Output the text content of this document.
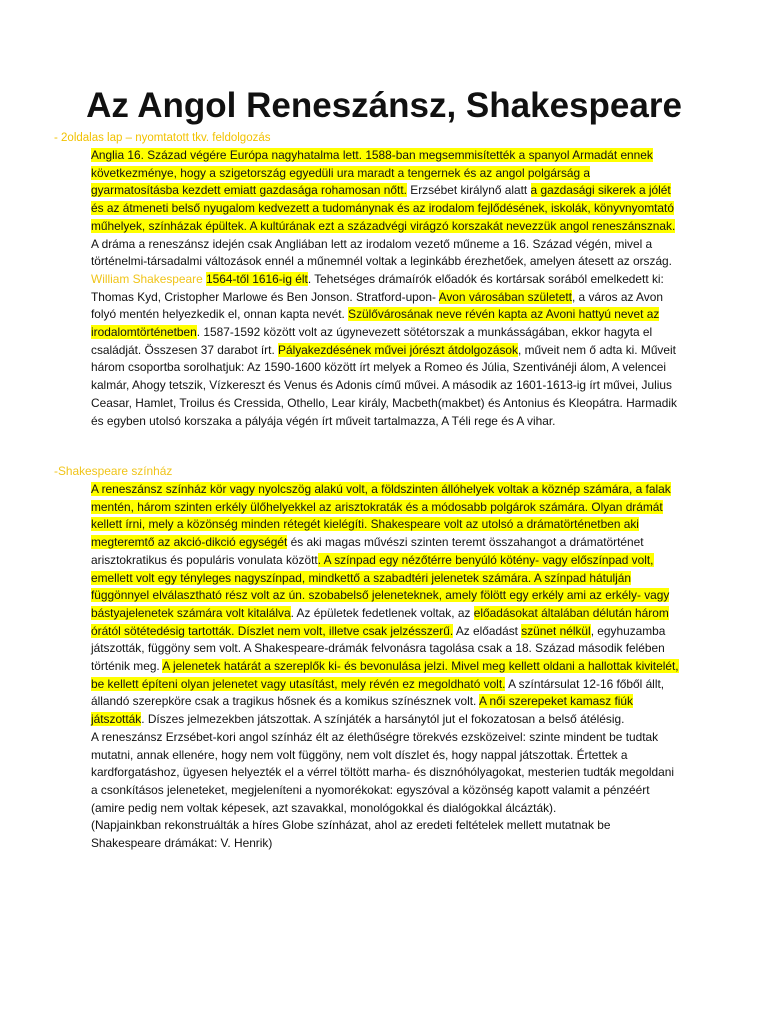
Az Angol Reneszánsz, Shakespeare
- 2oldalas lap – nyomtatott tkv. feldolgozás

Anglia 16. Század végére Európa nagyhatalma lett. 1588-ban megsemmisítették a spanyol Armadát ennek következménye, hogy a szigetország egyedüli ura maradt a tengernek és az angol polgárság a gyarmatosításba kezdett emiatt gazdasága rohamosan nőtt. Erzsébet királynő alatt a gazdasági sikerek a jólét és az átmeneti belső nyugalom kedvezett a tudománynak és az irodalom fejlődésének, iskolák, könyvnyomtató műhelyek, színházak épültek. A kultúrának ezt a századvégi virágzó korszakát nevezzük angol reneszánsznak. A dráma a reneszánsz idején csak Angliában lett az irodalom vezető műneme a 16. Század végén, mivel a történelmi-társadalmi változások ennél a műnemnél voltak a leginkább érezhetőek, amelyen átesett az ország.

William Shakespeare 1564-től 1616-ig élt. Tehetséges drámaírók előadók és kortársak sorából emelkedett ki: Thomas Kyd, Cristopher Marlowe és Ben Jonson. Stratford-upon- Avon városában született, a város az Avon folyó mentén helyezkedik el, onnan kapta nevét. Szülővárosának neve révén kapta az Avoni hattyú nevet az irodalomtörténetben. 1587-1592 között volt az úgynevezett sötétorszak a munkásságában, ekkor hagyta el családját. Összesen 37 darabot írt. Pályakezdésének művei jórészt átdolgozások, műveit nem ő adta ki. Műveit három csoportba sorolhatjuk: Az 1590-1600 között írt melyek a Romeo és Júlia, Szentivánéji álom, A velencei kalmár, Ahogy tetszik, Vízkereszt és Venus és Adonis című művei. A második az 1601-1613-ig írt művei, Julius Ceasar, Hamlet, Troilus és Cressida, Othello, Lear király, Macbeth(makbet) és Antonius és Kleopátra. Harmadik és egyben utolsó korszaka a pályája végén írt műveit tartalmazza, A Téli rege és A vihar.

-Shakespeare színház

A reneszánsz színház kör vagy nyolcszög alakú volt, a földszinten állóhelyek voltak a köznép számára, a falak mentén, három szinten erkély ülőhelyekkel az arisztokraták és a módosabb polgárok számára. Olyan drámát kellett írni, mely a közönség minden rétegét kielégíti. Shakespeare volt az utolsó a drámatörténetben aki megteremtő az akció-dikció egységét és aki magas művészi szinten teremt összahangot a drámatörténet arisztokratikus és populáris vonulata között. A színpad egy nézőtérre benyúló kötény- vagy előszínpad volt, emellett volt egy tényleges nagyszínpad, mindkettő a szabadtéri jelenetek számára. A színpad hátulján függönnyel elválasztható rész volt az ún. szobabelső jeleneteknek, amely fölött egy erkély ami az erkély- vagy bástyajelenetek számára volt kitalálva. Az épületek fedetlenek voltak, az előadásokat általában délután három órától sötétedésig tartották. Díszlet nem volt, illetve csak jelzésszerű. Az előadást szünet nélkül, egyhuzamba játszották, függöny sem volt. A Shakespeare-drámák felvonásra tagolása csak a 18. Század második felében történik meg. A jelenetek határát a szereplők ki- és bevonulása jelzi. Mivel meg kellett oldani a hallottak kivitelét, be kellett építeni olyan jelenetet vagy utasítást, mely révén ez megoldható volt. A színtársulat 12-16 főből állt, állandó szerepköre csak a tragikus hősnek és a komikus színésznek volt. A női szerepeket kamasz fiúk játszották. Díszes jelmezekben játszottak. A színjáték a harsánytól jut el fokozatosan a belső átélésig.

A reneszánsz Erzsébet-kori angol színház élt az élethűségre törekvés ezsközeivel: szinte mindent be tudtak mutatni, annak ellenére, hogy nem volt függöny, nem volt díszlet és, hogy nappal játszottak. Értettek a kardforgatáshoz, ügyesen helyezték el a vérrel töltött marha- és disznóhólyagokat, mesterien tudták megoldani a csonkításos jeleneteket, megjeleníteni a nyomorékokat: egyszóval a közönség kapott valamit a pénzéért (amire pedig nem voltak képesek, azt szavakkal, monológokkal és dialógokkal álcázták).

(Napjainkban rekonstruálták a híres Globe színházat, ahol az eredeti feltételek mellett mutatnak be Shakespeare drámákat: V. Henrik)
